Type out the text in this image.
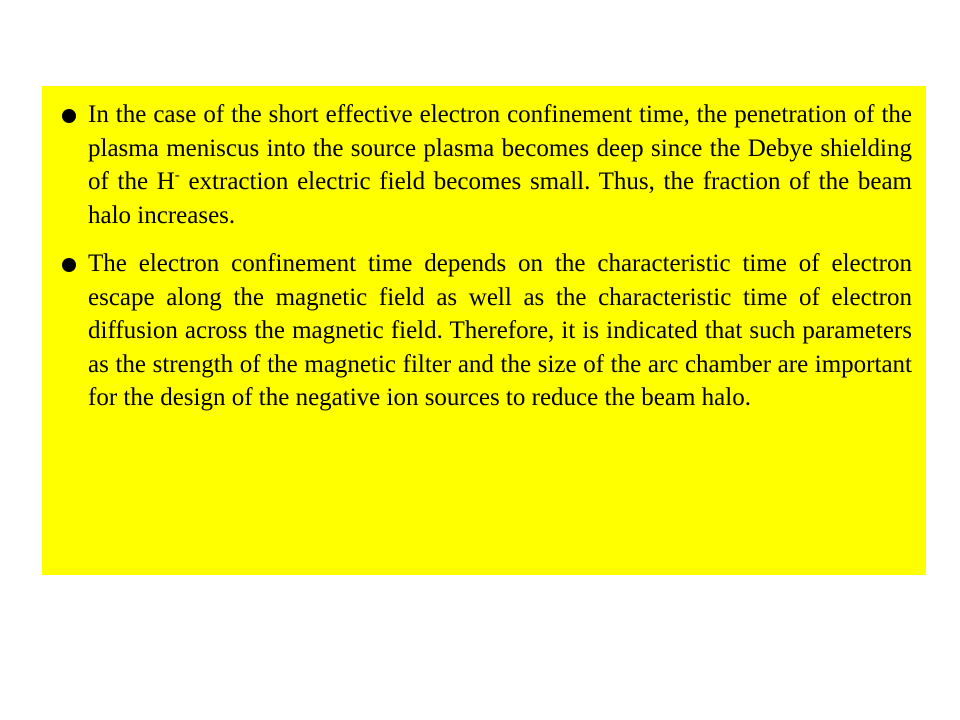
In the case of the short effective electron confinement time, the penetration of the plasma meniscus into the source plasma becomes deep since the Debye shielding of the H- extraction electric field becomes small. Thus, the fraction of the beam halo increases.

The electron confinement time depends on the characteristic time of electron escape along the magnetic field as well as the characteristic time of electron diffusion across the magnetic field. Therefore, it is indicated that such parameters as the strength of the magnetic filter and the size of the arc chamber are important for the design of the negative ion sources to reduce the beam halo.
